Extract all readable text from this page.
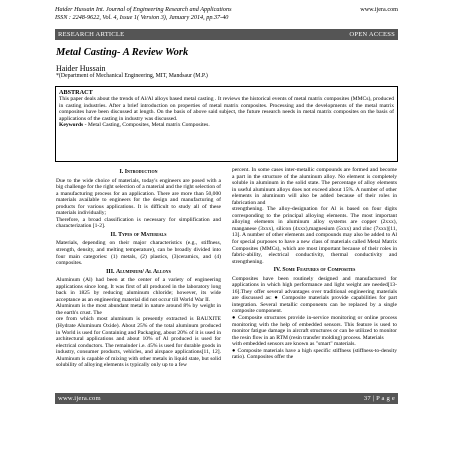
Haider Hussain Int. Journal of Engineering Research and Applications	www.ijera.com
ISSN : 2248-9622, Vol. 4, Issue 1( Version 3), January 2014, pp.37-40
RESEARCH ARTICLE	OPEN ACCESS
Metal Casting- A Review Work
Haider Hussain
*(Department of Mechanical Engineering, MIT, Mandsaur (M.P.)
ABSTRACT
This paper deals about the trends of Al/Al alloys based metal casting . It reviews the historical events of metal matrix composites (MMCs), produced in casting industries. After a brief introduction on properties of metal matrix composites. Processing and the developments of the metal matrix composites have been discussed at length. On the basis of above said subject, the future research needs in metal matrix composites on the basis of applications of the casting in industry was discussed.
Keywords - Metal Casting, Composites, Metal matrix Composites.

I. Introduction

Due to the wide choice of materials, today's engineers are posed with a big challenge for the right selection of a material and the right selection of a manufacturing process for an application. There are more than 50,000 materials available to engineers for the design and manufacturing of products for various applications. It is difficult to study all of these materials individually;

Therefore, a broad classification is necessary for simplification and characterization [1-2].

II. Types of Materials

Materials, depending on their major characteristics (e.g., stiffness, strength, density, and melting temperature), can be broadly divided into four main categories: (1) metals, (2) plastics, (3)ceramics, and (4) composites.

III. Aluminium/ Al Alloys

Aluminum (Al) had been at the center of a variety of engineering applications since long. It was first of all produced in the laboratory long back in 1825 by reducing aluminum chloride; however, its wide acceptance as an engineering material did not occur till World War II.

Aluminum is the most abundant metal in nature around 8% by weight in the earth's crust. The

ore from which most aluminum is presently extracted is BAUXITE (Hydrate Aluminum Oxide). About 25% of the total aluminum produced in World is used for Containing and Packaging, about 20% of it is used in architectural applications and about 10% of Al produced is used for electrical conductors. The remainder i.e. 45% is used for durable goods in industry, consumer products, vehicles, and airspace applications[11, 12]. Aluminum is capable of mixing with other metals in liquid state, but solid solubility of alloying elements is typically only up to a few

percent. In some cases inter-metallic compounds are formed and become a part in the structure of the aluminum alloy. No element is completely soluble in aluminum in the solid state. The percentage of alloy elements in useful aluminum alloys does not exceed about 15%. A number of other elements in aluminum will also be added because of their roles in fabrication and

strengthening. The alloy-designation for Al is based on four digits corresponding to the principal alloying elements. The most important alloying elements in aluminum alloy systems are copper (2xxx), manganese (3xxx), silicon (4xxx),magnesium (5xxx) and zinc (7xxx)[11, 13]. A number of other elements and compounds may also be added to Al for special purposes to have a new class of materials called Metal Matrix Composites (MMCs), which are most important because of their roles in fabric-ability, electrical conductivity, thermal conductivity and strengthening.

IV. Some Features of Composites

Composites have been routinely designed and manufactured for applications in which high performance and light weight are needed[13-16].They offer several advantages over traditional engineering materials are discussed as: ● Composite materials provide capabilities for part integration. Several metallic components can be replaced by a single composite component.

● Composite structures provide in-service monitoring or online process monitoring with the help of embedded sensors. This feature is used to monitor fatigue damage in aircraft structures or can be utilized to monitor the resin flow in an RTM (resin transfer molding) process. Materials

with embedded sensors are known as "smart" materials.

● Composite materials have a high specific stiffness (stiffness-to-density ratio). Composites offer the

www.ijera.com	37 | P a g e
